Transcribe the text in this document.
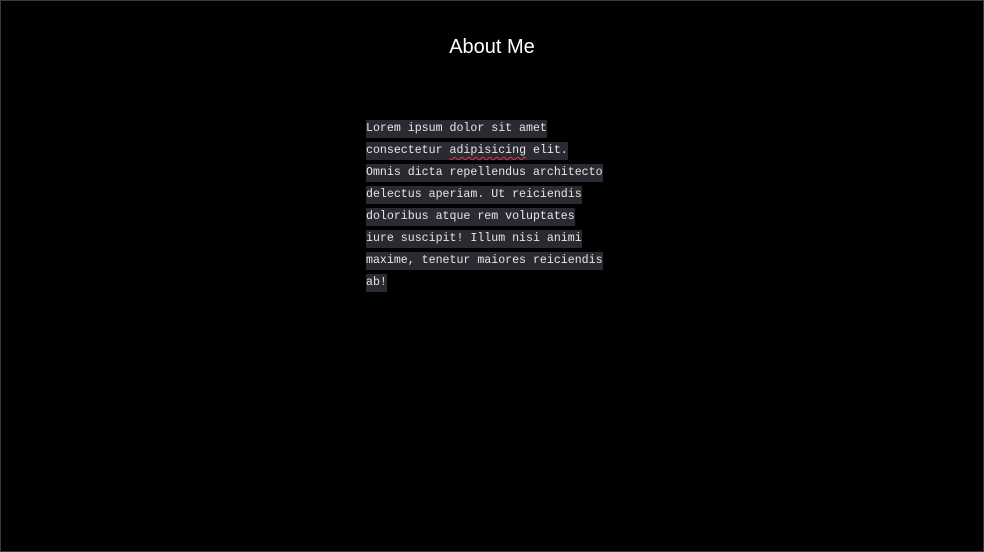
About Me
Lorem ipsum dolor sit amet
consectetur adipisicing elit.
Omnis dicta repellendus architecto
delectus aperiam. Ut reiciendis
doloribus atque rem voluptates
iure suscipit! Illum nisi animi
maxime, tenetur maiores reiciendis
ab!
